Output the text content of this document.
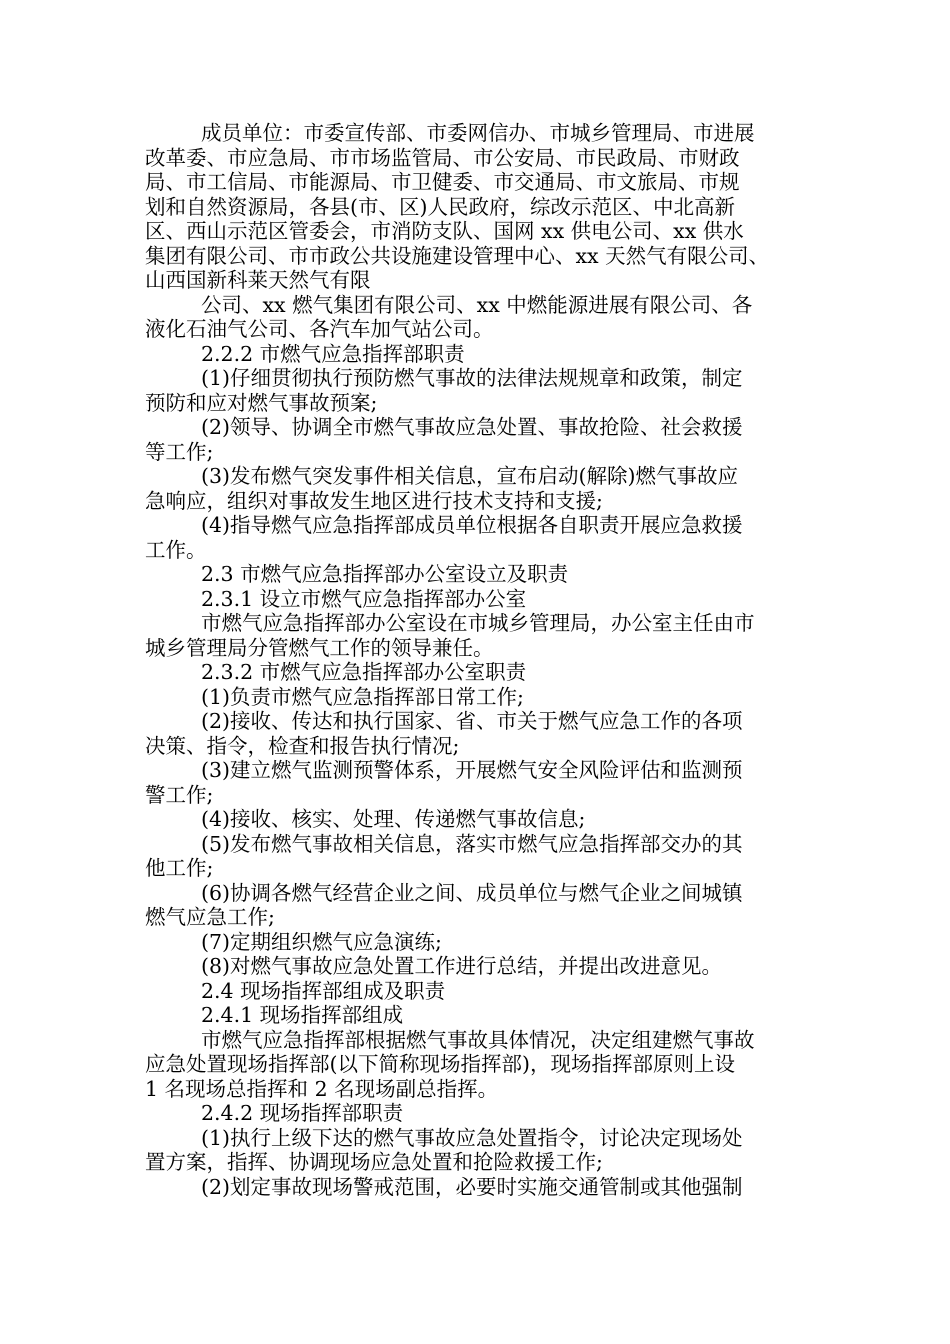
成员单位：市委宣传部、市委网信办、市城乡管理局、市进展
改革委、市应急局、市市场监管局、市公安局、市民政局、市财政
局、市工信局、市能源局、市卫健委、市交通局、市文旅局、市规
划和自然资源局，各县(市、区)人民政府，综改示范区、中北高新
区、西山示范区管委会，市消防支队、国网 xx 供电公司、xx 供水
集团有限公司、市市政公共设施建设管理中心、xx 天然气有限公司、
山西国新科莱天然气有限
公司、xx 燃气集团有限公司、xx 中燃能源进展有限公司、各
液化石油气公司、各汽车加气站公司。
2.2.2 市燃气应急指挥部职责
(1)仔细贯彻执行预防燃气事故的法律法规规章和政策，制定
预防和应对燃气事故预案;
(2)领导、协调全市燃气事故应急处置、事故抢险、社会救援
等工作;
(3)发布燃气突发事件相关信息，宣布启动(解除)燃气事故应
急响应，组织对事故发生地区进行技术支持和支援;
(4)指导燃气应急指挥部成员单位根据各自职责开展应急救援
工作。
2.3 市燃气应急指挥部办公室设立及职责
2.3.1 设立市燃气应急指挥部办公室
市燃气应急指挥部办公室设在市城乡管理局，办公室主任由市
城乡管理局分管燃气工作的领导兼任。
2.3.2 市燃气应急指挥部办公室职责
(1)负责市燃气应急指挥部日常工作;
(2)接收、传达和执行国家、省、市关于燃气应急工作的各项
决策、指令，检查和报告执行情况;
(3)建立燃气监测预警体系，开展燃气安全风险评估和监测预
警工作;
(4)接收、核实、处理、传递燃气事故信息;
(5)发布燃气事故相关信息，落实市燃气应急指挥部交办的其
他工作;
(6)协调各燃气经营企业之间、成员单位与燃气企业之间城镇
燃气应急工作;
(7)定期组织燃气应急演练;
(8)对燃气事故应急处置工作进行总结，并提出改进意见。
2.4 现场指挥部组成及职责
2.4.1 现场指挥部组成
市燃气应急指挥部根据燃气事故具体情况，决定组建燃气事故
应急处置现场指挥部(以下简称现场指挥部)，现场指挥部原则上设
1 名现场总指挥和 2 名现场副总指挥。
2.4.2 现场指挥部职责
(1)执行上级下达的燃气事故应急处置指令，讨论决定现场处
置方案，指挥、协调现场应急处置和抢险救援工作;
(2)划定事故现场警戒范围，必要时实施交通管制或其他强制
